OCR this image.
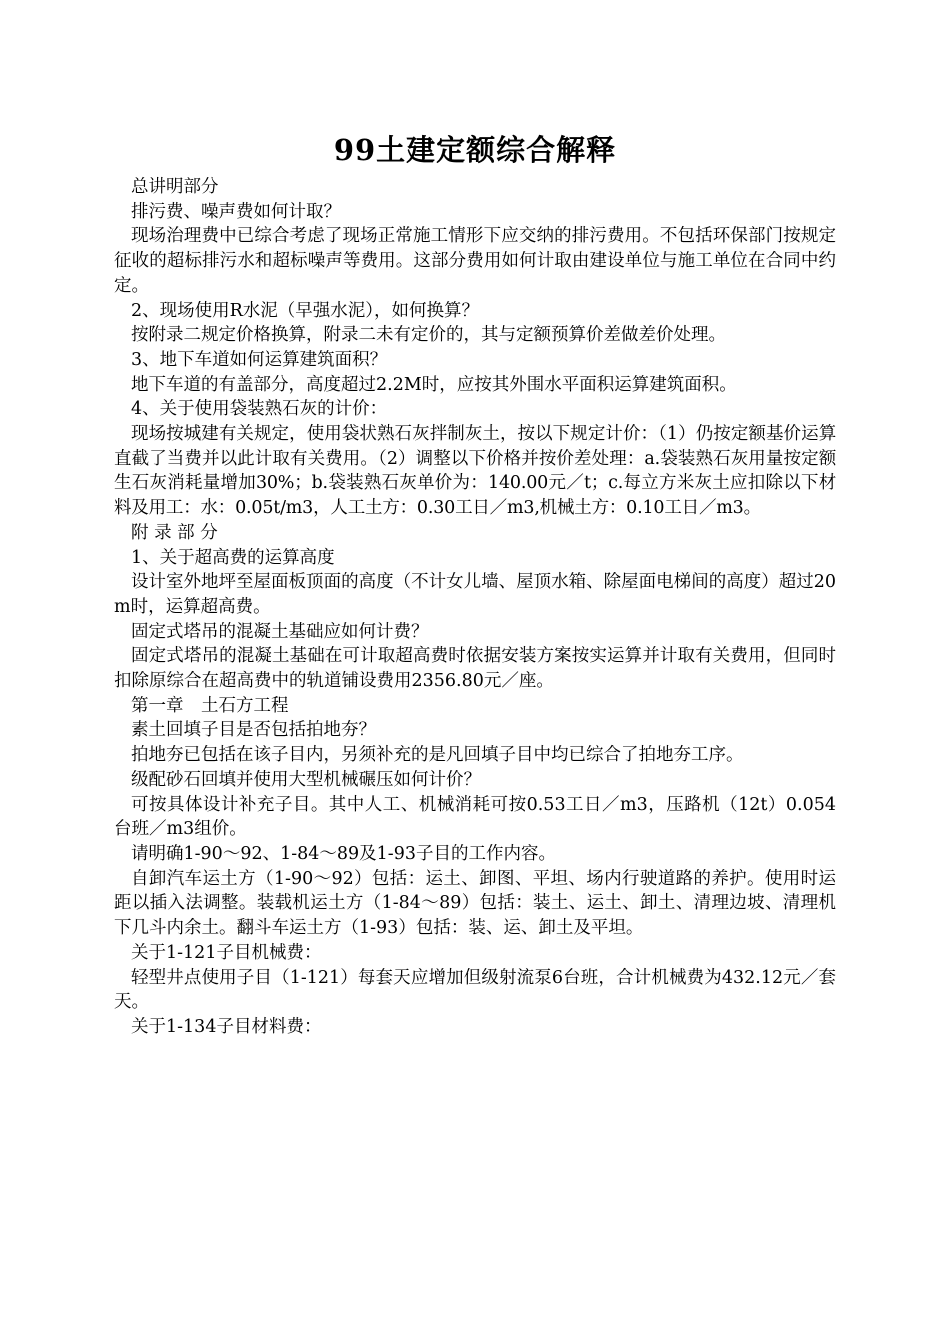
99土建定额综合解释

总讲明部分

排污费、噪声费如何计取？

现场治理费中已综合考虑了现场正常施工情形下应交纳的排污费用。不包括环保部门按规定征收的超标排污水和超标噪声等费用。这部分费用如何计取由建设单位与施工单位在合同中约定。

2、现场使用R水泥（早强水泥），如何换算？

按附录二规定价格换算，附录二未有定价的，其与定额预算价差做差价处理。

3、地下车道如何运算建筑面积？

地下车道的有盖部分，高度超过2.2M时，应按其外围水平面积运算建筑面积。

4、关于使用袋装熟石灰的计价：

现场按城建有关规定，使用袋状熟石灰拌制灰土，按以下规定计价：（1）仍按定额基价运算直截了当费并以此计取有关费用。（2）调整以下价格并按价差处理：a.袋装熟石灰用量按定额生石灰消耗量增加30%；b.袋装熟石灰单价为：140.00元／t；c.每立方米灰土应扣除以下材料及用工：水：0.05t/m3，人工土方：0.30工日／m3,机械土方：0.10工日／m3。

附 录 部 分

1、关于超高费的运算高度

设计室外地坪至屋面板顶面的高度（不计女儿墙、屋顶水箱、除屋面电梯间的高度）超过20m时，运算超高费。

固定式塔吊的混凝土基础应如何计费？

固定式塔吊的混凝土基础在可计取超高费时依据安装方案按实运算并计取有关费用，但同时扣除原综合在超高费中的轨道铺设费用2356.80元／座。

第一章　土石方工程

素土回填子目是否包括拍地夯？

拍地夯已包括在该子目内，另须补充的是凡回填子目中均已综合了拍地夯工序。

级配砂石回填并使用大型机械碾压如何计价？

可按具体设计补充子目。其中人工、机械消耗可按0.53工日／m3，压路机（12t）0.054台班／m3组价。

请明确1-90～92、1-84～89及1-93子目的工作内容。

自卸汽车运土方（1-90～92）包括：运土、卸图、平坦、场内行驶道路的养护。使用时运距以插入法调整。装载机运土方（1-84～89）包括：装土、运土、卸土、清理边坡、清理机下几斗内余土。翻斗车运土方（1-93）包括：装、运、卸土及平坦。

关于1-121子目机械费：

轻型井点使用子目（1-121）每套天应增加但级射流泵6台班，合计机械费为432.12元／套天。

关于1-134子目材料费：
